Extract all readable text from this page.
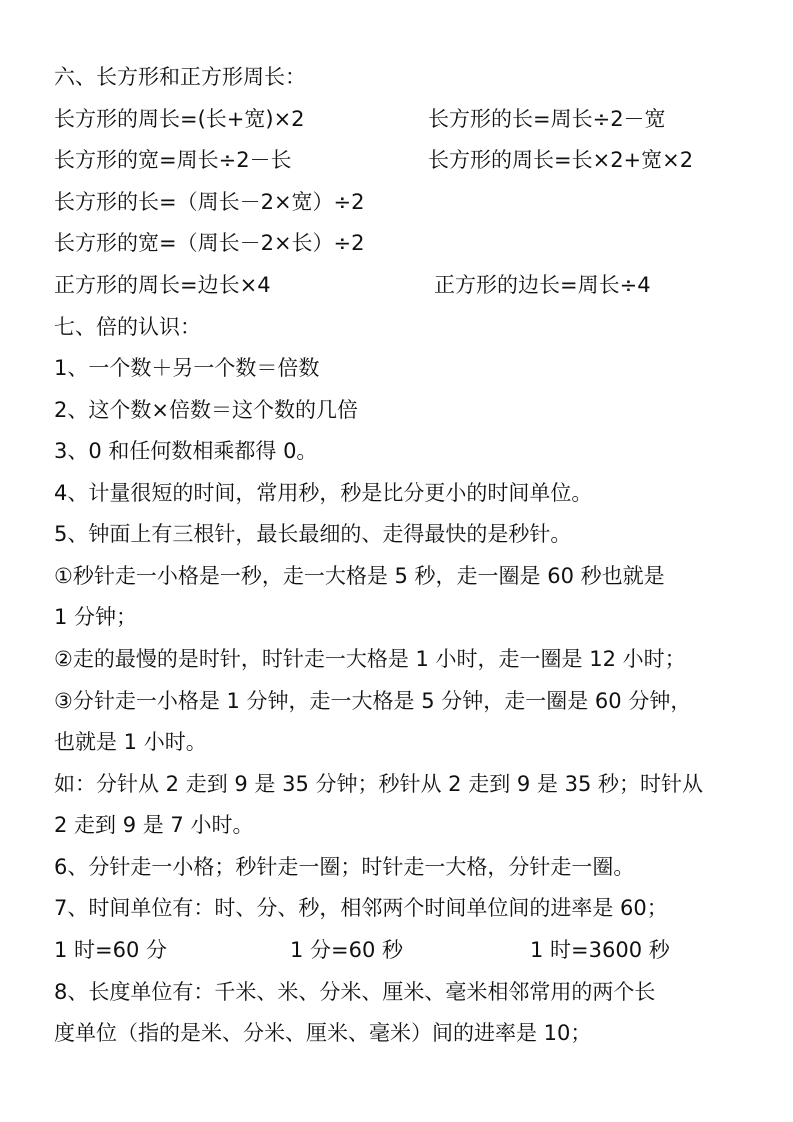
六、长方形和正方形周长：
长方形的周长=(长+宽)×2	长方形的长=周长÷2－宽
长方形的宽=周长÷2－长	长方形的周长=长×2+宽×2
长方形的长=（周长－2×宽）÷2
长方形的宽=（周长－2×长）÷2
正方形的周长=边长×4	正方形的边长=周长÷4
七、倍的认识：
1、一个数＋另一个数＝倍数
2、这个数×倍数＝这个数的几倍
3、0 和任何数相乘都得 0。
4、计量很短的时间，常用秒，秒是比分更小的时间单位。
5、钟面上有三根针，最长最细的、走得最快的是秒针。
①秒针走一小格是一秒，走一大格是 5 秒，走一圈是 60 秒也就是
1 分钟；
②走的最慢的是时针，时针走一大格是 1 小时，走一圈是 12 小时；
③分针走一小格是 1 分钟，走一大格是 5 分钟，走一圈是 60 分钟，
也就是 1 小时。
如：分针从 2 走到 9 是 35 分钟；秒针从 2 走到 9 是 35 秒；时针从
2 走到 9 是 7 小时。
6、分针走一小格；秒针走一圈；时针走一大格，分针走一圈。
7、时间单位有：时、分、秒，相邻两个时间单位间的进率是 60；
1 时=60 分	1 分=60 秒	1 时=3600 秒
8、长度单位有：千米、米、分米、厘米、毫米相邻常用的两个长
度单位（指的是米、分米、厘米、毫米）间的进率是 10；
